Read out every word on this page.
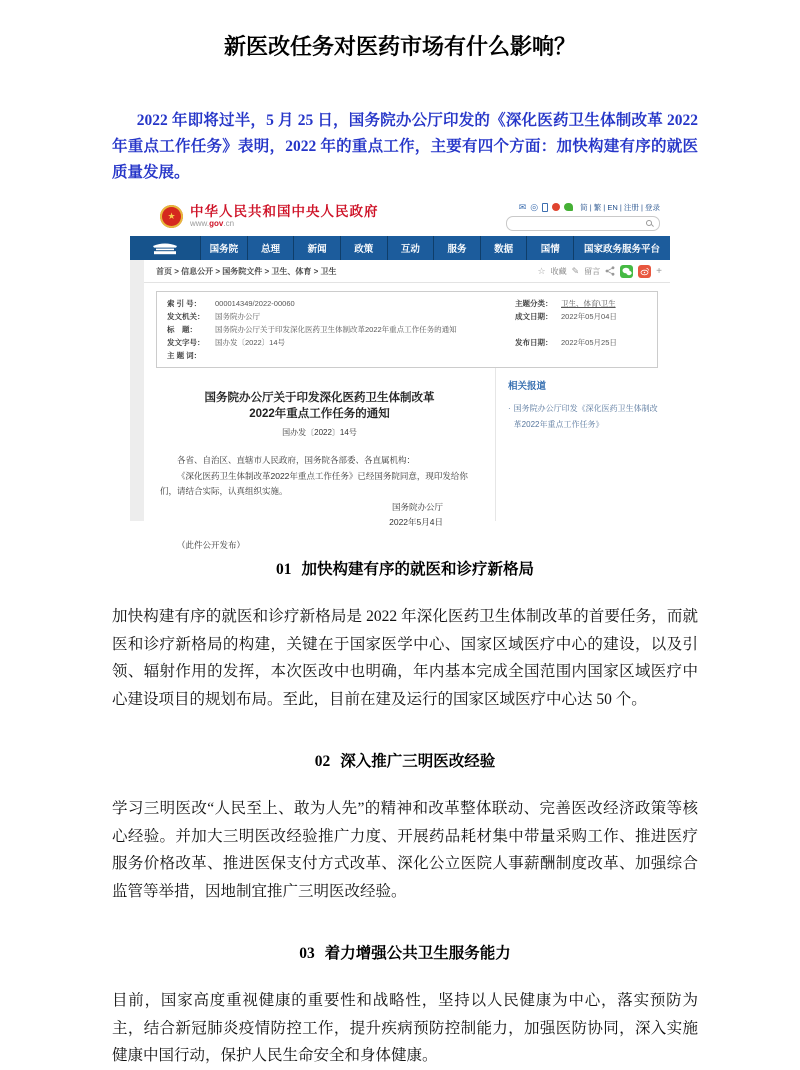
新医改任务对医药市场有什么影响？

2022 年即将过半，5 月 25 日，国务院办公厅印发的《深化医药卫生体制改革 2022 年重点工作任务》表明，2022 年的重点工作，主要有四个方面：加快构建有序的就医质量发展。

★
中华人民共和国中央人民政府
www.gov.cn
✉ ◎	简 | 繁 | EN | 注册 | 登录
国务院	总理	新闻	政策	互动	服务	数据	国情	国家政务服务平台
首页 > 信息公开 > 国务院文件 > 卫生、体育 > 卫生	☆ 收藏 ✎ 留言	+
索 引 号：	000014349/2022-00060	主题分类：	卫生、体育\卫生
发文机关：	国务院办公厅	成文日期：	2022年05月04日
标　题：	国务院办公厅关于印发深化医药卫生体制改革2022年重点工作任务的通知
发文字号：	国办发〔2022〕14号	发布日期：	2022年05月25日
主 题 词：
国务院办公厅关于印发深化医药卫生体制改革
2022年重点工作任务的通知
国办发〔2022〕14号

各省、自治区、直辖市人民政府，国务院各部委、各直属机构：

《深化医药卫生体制改革2022年重点工作任务》已经国务院同意，现印发给你们，请结合实际，认真组织实施。

国务院办公厅
2022年5月4日

（此件公开发布）

相关报道
· 国务院办公厅印发《深化医药卫生体制改革2022年重点工作任务》
01 加快构建有序的就医和诊疗新格局

加快构建有序的就医和诊疗新格局是 2022 年深化医药卫生体制改革的首要任务，而就医和诊疗新格局的构建，关键在于国家医学中心、国家区域医疗中心的建设，以及引领、辐射作用的发挥，本次医改中也明确，年内基本完成全国范围内国家区域医疗中心建设项目的规划布局。至此，目前在建及运行的国家区域医疗中心达 50 个。

02 深入推广三明医改经验

学习三明医改“人民至上、敢为人先”的精神和改革整体联动、完善医改经济政策等核心经验。并加大三明医改经验推广力度、开展药品耗材集中带量采购工作、推进医疗服务价格改革、推进医保支付方式改革、深化公立医院人事薪酬制度改革、加强综合监管等举措，因地制宜推广三明医改经验。

03 着力增强公共卫生服务能力

目前，国家高度重视健康的重要性和战略性，坚持以人民健康为中心，落实预防为主，结合新冠肺炎疫情防控工作，提升疾病预防控制能力，加强医防协同，深入实施健康中国行动，保护人民生命安全和身体健康。
